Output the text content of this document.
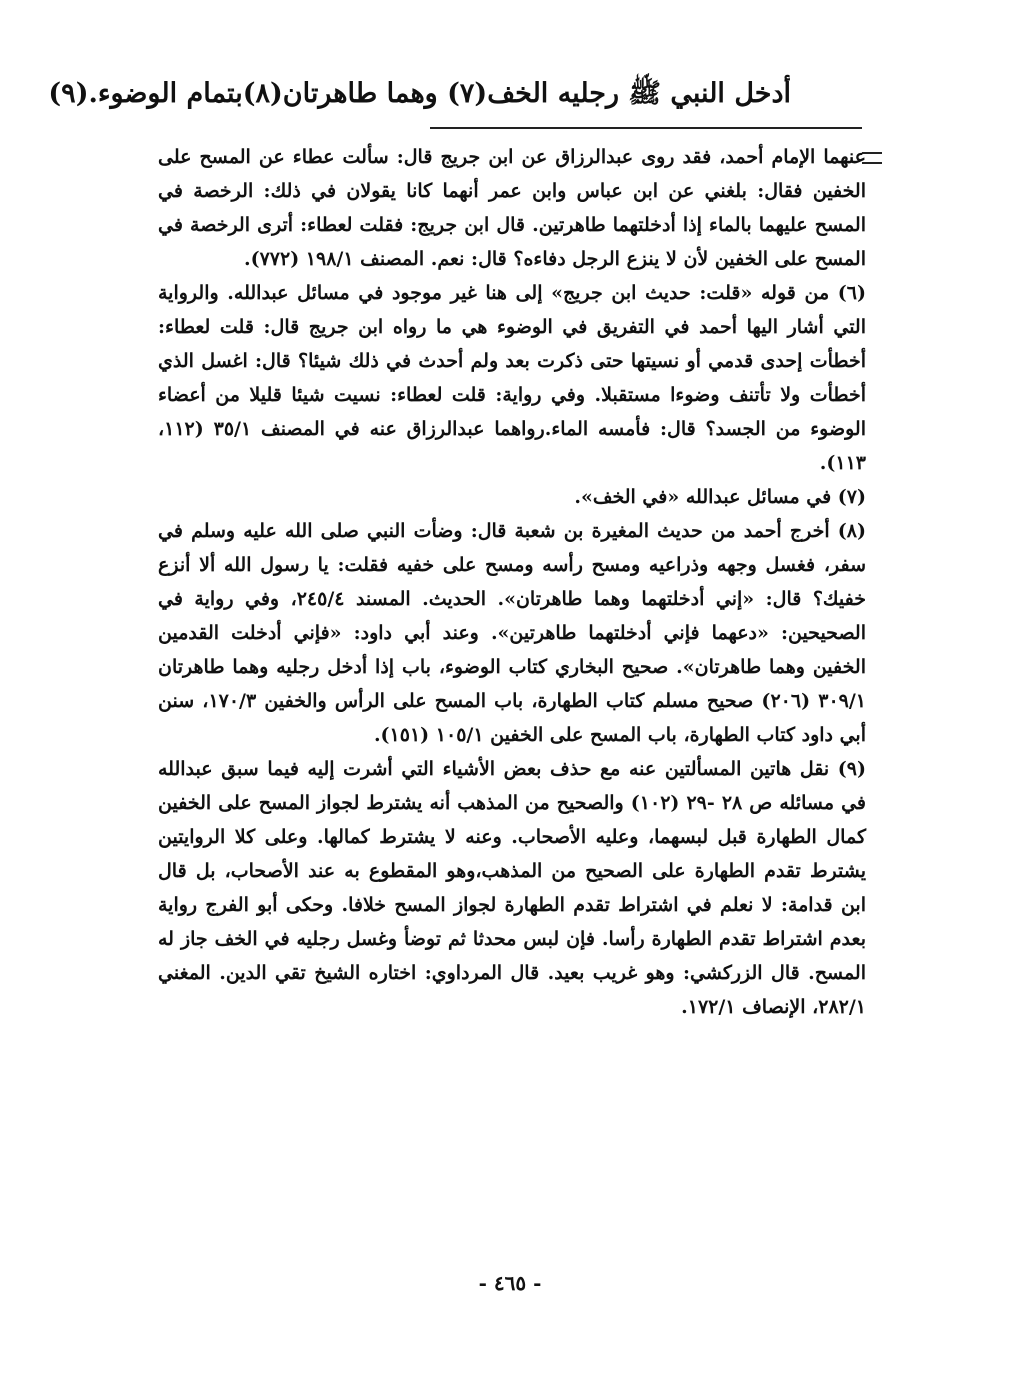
أدخل النبي ﷺ رجليه الخف(٧) وهما طاهرتان(٨)بتمام الوضوء.(٩)

عنهما الإمام أحمد، فقد روى عبدالرزاق عن ابن جريج قال: سألت عطاء عن المسح على الخفين فقال: بلغني عن ابن عباس وابن عمر أنهما كانا يقولان في ذلك: الرخصة في المسح عليهما بالماء إذا أدخلتهما طاهرتين. قال ابن جريج: فقلت لعطاء: أترى الرخصة في المسح على الخفين لأن لا ينزع الرجل دفاءه؟ قال: نعم. المصنف ١٩٨/١ (٧٧٢).

(٦) من قوله «قلت: حديث ابن جريج» إلى هنا غير موجود في مسائل عبدالله. والرواية التي أشار اليها أحمد في التفريق في الوضوء هي ما رواه ابن جريج قال: قلت لعطاء: أخطأت إحدى قدمي أو نسيتها حتى ذكرت بعد ولم أحدث في ذلك شيئا؟ قال: اغسل الذي أخطأت ولا تأتنف وضوءا مستقبلا. وفي رواية: قلت لعطاء: نسيت شيئا قليلا من أعضاء الوضوء من الجسد؟ قال: فأمسه الماء.رواهما عبدالرزاق عنه في المصنف ٣٥/١ (١١٢، ١١٣).

(٧) في مسائل عبدالله «في الخف».

(٨) أخرج أحمد من حديث المغيرة بن شعبة قال: وضأت النبي صلى الله عليه وسلم في سفر، فغسل وجهه وذراعيه ومسح رأسه ومسح على خفيه فقلت: يا رسول الله ألا أنزع خفيك؟ قال: «إني أدخلتهما وهما طاهرتان». الحديث. المسند ٢٤٥/٤، وفي رواية في الصحيحين: «دعهما فإني أدخلتهما طاهرتين». وعند أبي داود: «فإني أدخلت القدمين الخفين وهما طاهرتان». صحيح البخاري كتاب الوضوء، باب إذا أدخل رجليه وهما طاهرتان ٣٠٩/١ (٢٠٦) صحيح مسلم كتاب الطهارة، باب المسح على الرأس والخفين ١٧٠/٣، سنن أبي داود كتاب الطهارة، باب المسح على الخفين ١٠٥/١ (١٥١).

(٩) نقل هاتين المسألتين عنه مع حذف بعض الأشياء التي أشرت إليه فيما سبق عبدالله في مسائله ص ٢٨ -٢٩ (١٠٢) والصحيح من المذهب أنه يشترط لجواز المسح على الخفين كمال الطهارة قبل لبسهما، وعليه الأصحاب. وعنه لا يشترط كمالها. وعلى كلا الروايتين يشترط تقدم الطهارة على الصحيح من المذهب،وهو المقطوع به عند الأصحاب، بل قال ابن قدامة: لا نعلم في اشتراط تقدم الطهارة لجواز المسح خلافا. وحكى أبو الفرج رواية بعدم اشتراط تقدم الطهارة رأسا. فإن لبس محدثا ثم توضأ وغسل رجليه في الخف جاز له المسح. قال الزركشي: وهو غريب بعيد. قال المرداوي: اختاره الشيخ تقي الدين. المغني ٢٨٢/١، الإنصاف ١٧٢/١.

- ٤٦٥ -
